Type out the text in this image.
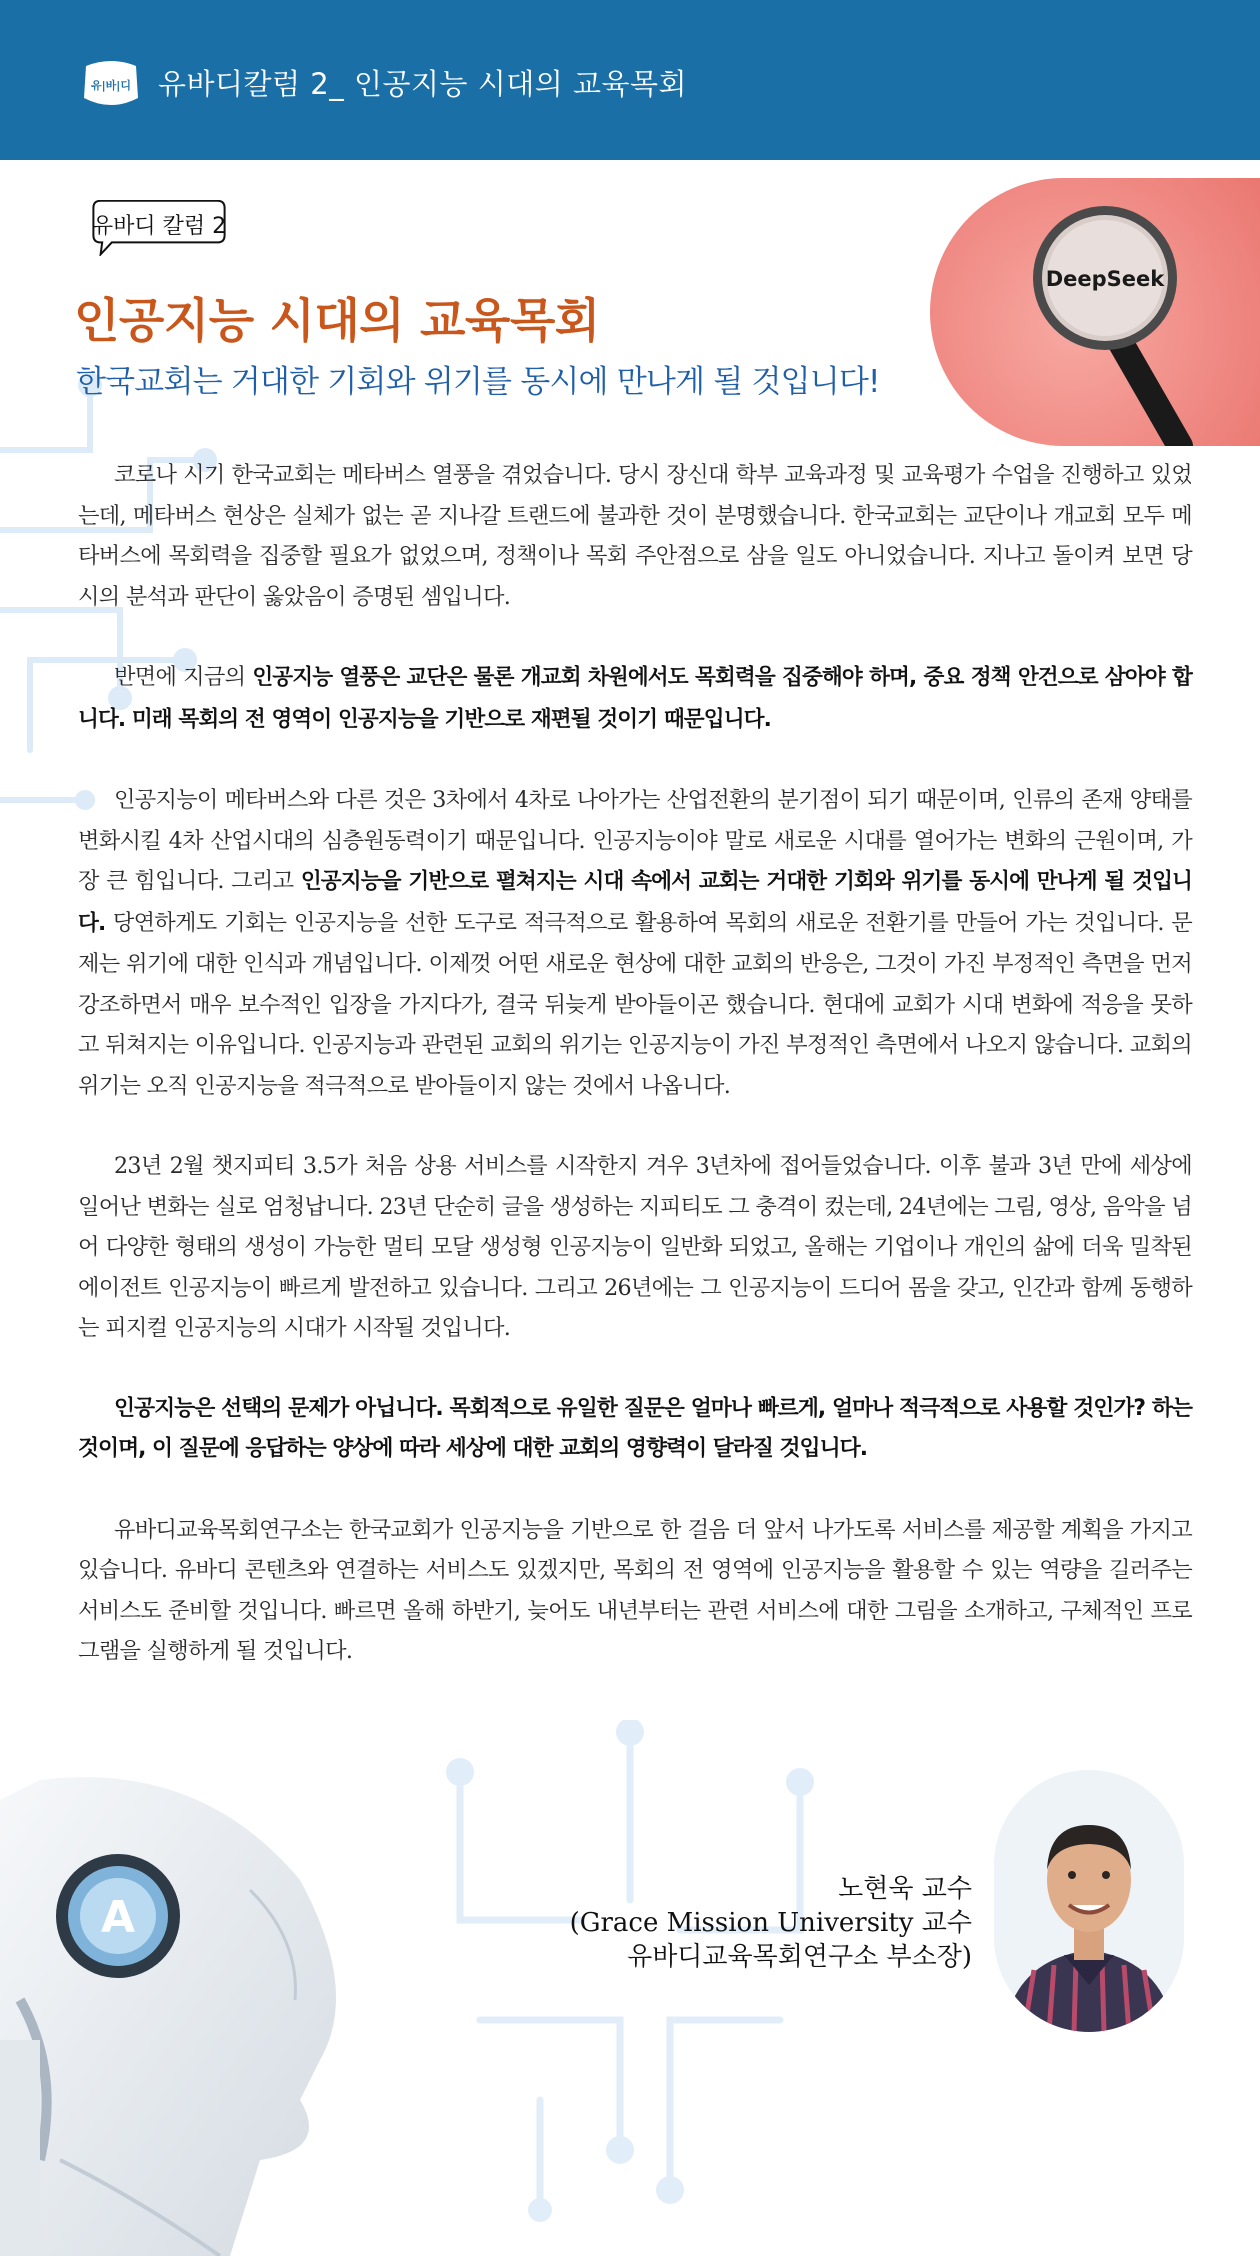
유|바|디 유바디칼럼 2_ 인공지능 시대의 교육목회
유바디 칼럼 2
DeepSeek
인공지능 시대의 교육목회
한국교회는 거대한 기회와 위기를 동시에 만나게 될 것입니다!

코로나 시기 한국교회는 메타버스 열풍을 겪었습니다. 당시 장신대 학부 교육과정 및 교육평가 수업을 진행하고 있었는데, 메타버스 현상은 실체가 없는 곧 지나갈 트랜드에 불과한 것이 분명했습니다. 한국교회는 교단이나 개교회 모두 메타버스에 목회력을 집중할 필요가 없었으며, 정책이나 목회 주안점으로 삼을 일도 아니었습니다. 지나고 돌이켜 보면 당시의 분석과 판단이 옳았음이 증명된 셈입니다.

반면에 지금의 인공지능 열풍은 교단은 물론 개교회 차원에서도 목회력을 집중해야 하며, 중요 정책 안건으로 삼아야 합니다. 미래 목회의 전 영역이 인공지능을 기반으로 재편될 것이기 때문입니다.

인공지능이 메타버스와 다른 것은 3차에서 4차로 나아가는 산업전환의 분기점이 되기 때문이며, 인류의 존재 양태를 변화시킬 4차 산업시대의 심층원동력이기 때문입니다. 인공지능이야 말로 새로운 시대를 열어가는 변화의 근원이며, 가장 큰 힘입니다. 그리고 인공지능을 기반으로 펼쳐지는 시대 속에서 교회는 거대한 기회와 위기를 동시에 만나게 될 것입니다. 당연하게도 기회는 인공지능을 선한 도구로 적극적으로 활용하여 목회의 새로운 전환기를 만들어 가는 것입니다. 문제는 위기에 대한 인식과 개념입니다. 이제껏 어떤 새로운 현상에 대한 교회의 반응은, 그것이 가진 부정적인 측면을 먼저 강조하면서 매우 보수적인 입장을 가지다가, 결국 뒤늦게 받아들이곤 했습니다. 현대에 교회가 시대 변화에 적응을 못하고 뒤쳐지는 이유입니다. 인공지능과 관련된 교회의 위기는 인공지능이 가진 부정적인 측면에서 나오지 않습니다. 교회의 위기는 오직 인공지능을 적극적으로 받아들이지 않는 것에서 나옵니다.

23년 2월 챗지피티 3.5가 처음 상용 서비스를 시작한지 겨우 3년차에 접어들었습니다. 이후 불과 3년 만에 세상에 일어난 변화는 실로 엄청납니다. 23년 단순히 글을 생성하는 지피티도 그 충격이 컸는데, 24년에는 그림, 영상, 음악을 넘어 다양한 형태의 생성이 가능한 멀티 모달 생성형 인공지능이 일반화 되었고, 올해는 기업이나 개인의 삶에 더욱 밀착된 에이전트 인공지능이 빠르게 발전하고 있습니다. 그리고 26년에는 그 인공지능이 드디어 몸을 갖고, 인간과 함께 동행하는 피지컬 인공지능의 시대가 시작될 것입니다.

인공지능은 선택의 문제가 아닙니다. 목회적으로 유일한 질문은 얼마나 빠르게, 얼마나 적극적으로 사용할 것인가? 하는 것이며, 이 질문에 응답하는 양상에 따라 세상에 대한 교회의 영향력이 달라질 것입니다.

유바디교육목회연구소는 한국교회가 인공지능을 기반으로 한 걸음 더 앞서 나가도록 서비스를 제공할 계획을 가지고 있습니다. 유바디 콘텐츠와 연결하는 서비스도 있겠지만, 목회의 전 영역에 인공지능을 활용할 수 있는 역량을 길러주는 서비스도 준비할 것입니다. 빠르면 올해 하반기, 늦어도 내년부터는 관련 서비스에 대한 그림을 소개하고, 구체적인 프로그램을 실행하게 될 것입니다.

A
노현욱 교수
(Grace Mission University 교수
유바디교육목회연구소 부소장)
